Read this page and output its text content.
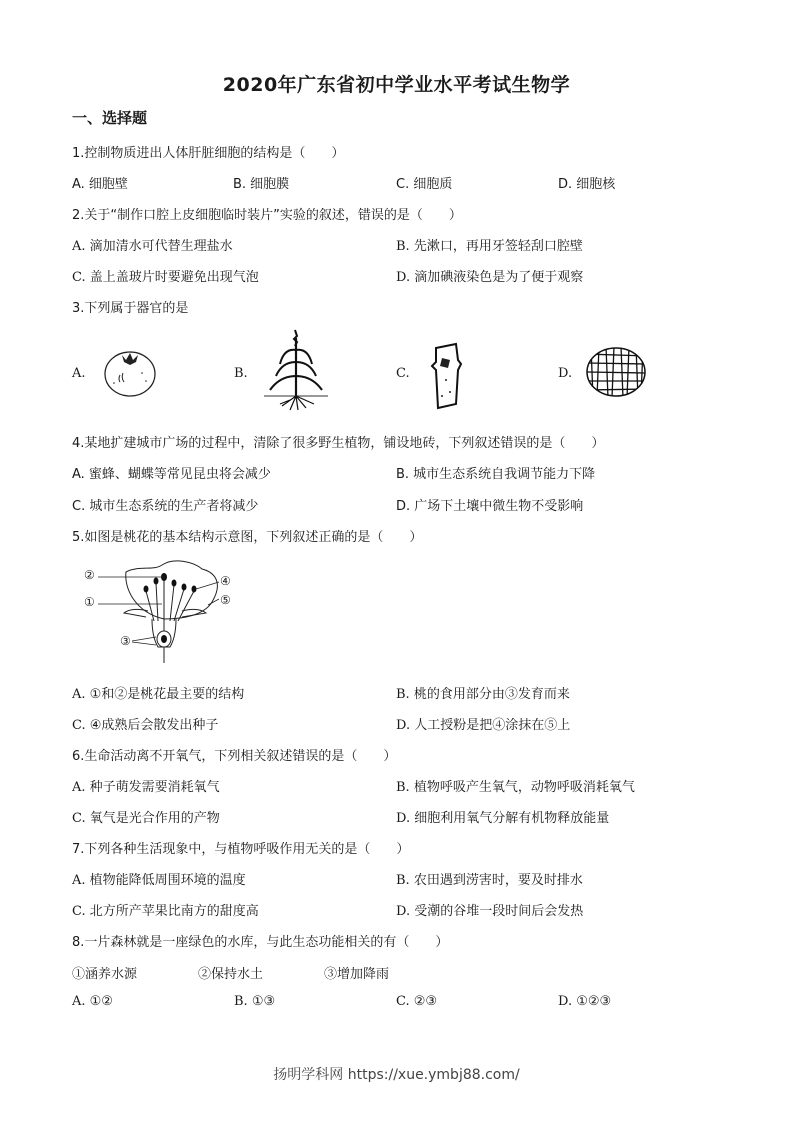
2020年广东省初中学业水平考试生物学
一、选择题
1.控制物质进出人体肝脏细胞的结构是（　　）
A. 细胞壁	B. 细胞膜	C. 细胞质	D. 细胞核
2.关于“制作口腔上皮细胞临时装片”实验的叙述，错误的是（　　）
A. 滴加清水可代替生理盐水	B. 先漱口，再用牙签轻刮口腔壁
C. 盖上盖玻片时要避免出现气泡	D. 滴加碘液染色是为了便于观察
3.下列属于器官的是
A.	B.	C.	D.
4.某地扩建城市广场的过程中，清除了很多野生植物，铺设地砖，下列叙述错误的是（　　）
A. 蜜蜂、蝴蝶等常见昆虫将会减少	B. 城市生态系统自我调节能力下降
C. 城市生态系统的生产者将减少	D. 广场下土壤中微生物不受影响
5.如图是桃花的基本结构示意图，下列叙述正确的是（　　）
②
①
③
④
⑤
A. ①和②是桃花最主要的结构	B. 桃的食用部分由③发育而来
C. ④成熟后会散发出种子	D. 人工授粉是把④涂抹在⑤上
6.生命活动离不开氧气，下列相关叙述错误的是（　　）
A. 种子萌发需要消耗氧气	B. 植物呼吸产生氧气，动物呼吸消耗氧气
C. 氧气是光合作用的产物	D. 细胞利用氧气分解有机物释放能量
7.下列各种生活现象中，与植物呼吸作用无关的是（　　）
A. 植物能降低周围环境的温度	B. 农田遇到涝害时，要及时排水
C. 北方所产苹果比南方的甜度高	D. 受潮的谷堆一段时间后会发热
8.一片森林就是一座绿色的水库，与此生态功能相关的有（　　）
①涵养水源	②保持水土	③增加降雨
A. ①②	B. ①③	C. ②③	D. ①②③
扬明学科网 https://xue.ymbj88.com/
